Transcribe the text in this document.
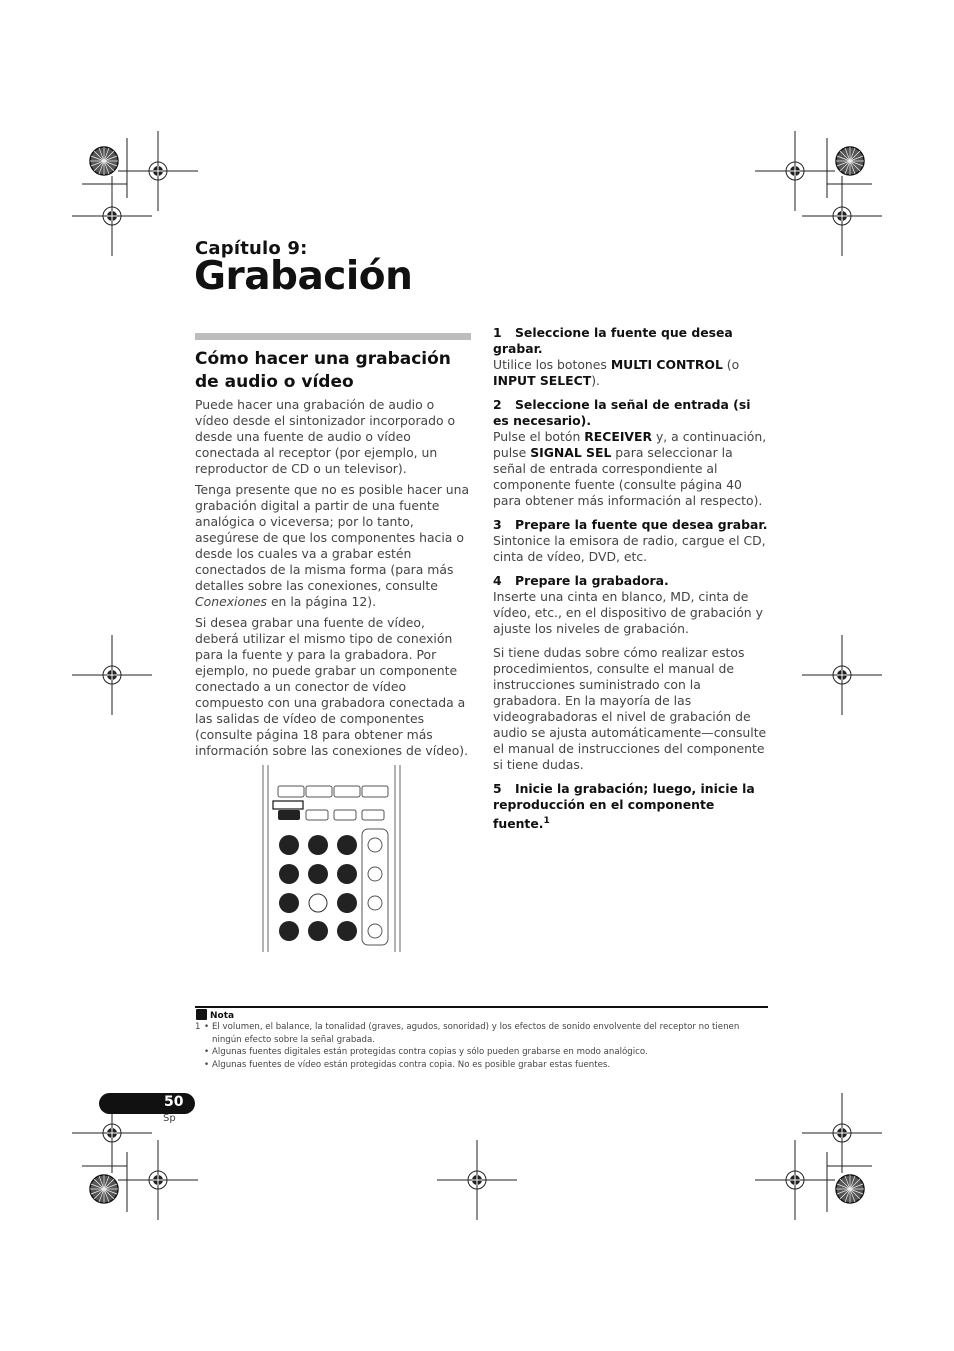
Capítulo 9:
Grabación
Cómo hacer una grabación de audio o vídeo

Puede hacer una grabación de audio o vídeo desde el sintonizador incorporado o desde una fuente de audio o vídeo conectada al receptor (por ejemplo, un reproductor de CD o un televisor).

Tenga presente que no es posible hacer una grabación digital a partir de una fuente analógica o viceversa; por lo tanto, asegúrese de que los componentes hacia o desde los cuales va a grabar estén conectados de la misma forma (para más detalles sobre las conexiones, consulte Conexiones en la página 12).

Si desea grabar una fuente de vídeo, deberá utilizar el mismo tipo de conexión para la fuente y para la grabadora. Por ejemplo, no puede grabar un componente conectado a un conector de vídeo compuesto con una grabadora conectada a las salidas de vídeo de componentes (consulte página 18 para obtener más información sobre las conexiones de vídeo).

1 Seleccione la fuente que desea grabar.

Utilice los botones MULTI CONTROL (o INPUT SELECT).

2 Seleccione la señal de entrada (si es necesario).

Pulse el botón RECEIVER y, a continuación, pulse SIGNAL SEL para seleccionar la señal de entrada correspondiente al componente fuente (consulte página 40 para obtener más información al respecto).

3 Prepare la fuente que desea grabar.

Sintonice la emisora de radio, cargue el CD, cinta de vídeo, DVD, etc.

4 Prepare la grabadora.

Inserte una cinta en blanco, MD, cinta de vídeo, etc., en el dispositivo de grabación y ajuste los niveles de grabación.

Si tiene dudas sobre cómo realizar estos procedimientos, consulte el manual de instrucciones suministrado con la grabadora. En la mayoría de las videograbadoras el nivel de grabación de audio se ajusta automáticamente—consulte el manual de instrucciones del componente si tiene dudas.

5 Inicie la grabación; luego, inicie la reproducción en el componente fuente.$^1$

Nota
1 • El volumen, el balance, la tonalidad (graves, agudos, sonoridad) y los efectos de sonido envolvente del receptor no tienen ningún efecto sobre la señal grabada.
• Algunas fuentes digitales están protegidas contra copias y sólo pueden grabarse en modo analógico.
• Algunas fuentes de vídeo están protegidas contra copia. No es posible grabar estas fuentes.
50
Sp
